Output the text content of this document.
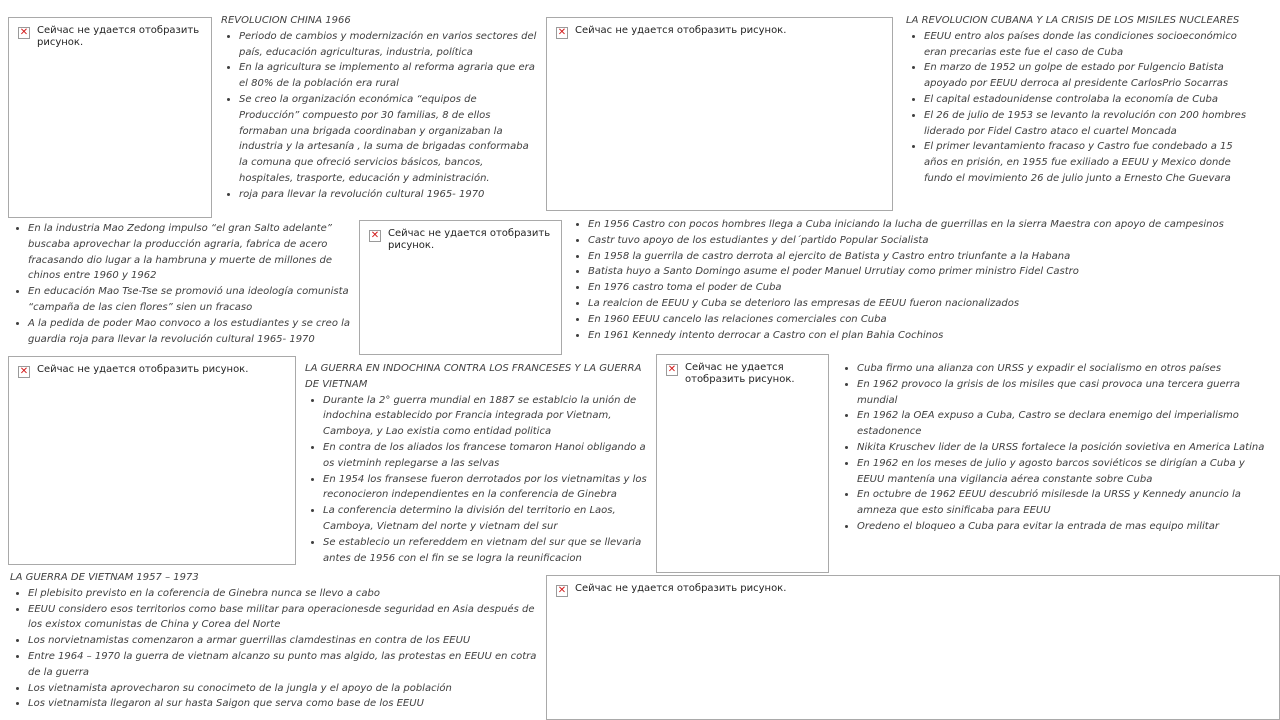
✕ Сейчас не удается отобразить рисунок.
✕ Сейчас не удается отобразить рисунок.
✕ Сейчас не удается отобразить рисунок.
✕ Сейчас не удается отобразить рисунок.	✕ Сейчас не удается отобразить рисунок.
✕ Сейчас не удается отобразить рисунок.

REVOLUCION CHINA 1966

• Periodo de cambios y modernización en varios sectores del país, educación agriculturas, industria, política
• En la agricultura se implemento al reforma agraria que era el 80% de la población era rural
• Se creo la organización económica “equipos de Producción” compuesto por 30 familias, 8 de ellos formaban una brigada coordinaban y organizaban la industria y la artesanía , la suma de brigadas conformaba la comuna que ofreció servicios básicos, bancos, hospitales, trasporte, educación y administración.
• roja para llevar la revolución cultural 1965- 1970
• En la industria Mao Zedong impulso “el gran Salto adelante” buscaba aprovechar la producción agraria, fabrica de acero fracasando dio lugar a la hambruna y muerte de millones de chinos entre 1960 y 1962
• En educación Mao Tse-Tse se promovió una ideología comunista “campaña de las cien flores” sien un fracaso
• A la pedida de poder Mao convoco a los estudiantes y se creo la guardia roja para llevar la revolución cultural 1965- 1970

LA REVOLUCION CUBANA Y LA CRISIS DE LOS MISILES NUCLEARES

• EEUU entro alos países donde las condiciones socioeconómico eran precarias este fue el caso de Cuba
• En marzo de 1952 un golpe de estado por Fulgencio Batista apoyado por EEUU derroca al presidente CarlosPrio Socarras
• El capital estadounidense controlaba la economía de Cuba
• El 26 de julio de 1953 se levanto la revolución con 200 hombres liderado por Fidel Castro ataco el cuartel Moncada
• El primer levantamiento fracaso y Castro fue condebado a 15 años en prisión, en 1955 fue exiliado a EEUU y Mexico donde fundo el movimiento 26 de julio junto a Ernesto Che Guevara
• En 1956 Castro con pocos hombres llega a Cuba iniciando la lucha de guerrillas en la sierra Maestra con apoyo de campesinos
• Castr tuvo apoyo de los estudiantes y del´partido Popular Socialista
• En 1958 la guerrila de castro derrota al ejercito de Batista y Castro entro triunfante a la Habana
• Batista huyo a Santo Domingo asume el poder Manuel Urrutiay como primer ministro Fidel Castro
• En 1976 castro toma el poder de Cuba
• La realcion de EEUU y Cuba se deterioro las empresas de EEUU fueron nacionalizados
• En 1960 EEUU cancelo las relaciones comerciales con Cuba
• En 1961 Kennedy intento derrocar a Castro con el plan Bahia Cochinos

LA GUERRA EN INDOCHINA CONTRA LOS FRANCESES Y LA GUERRA DE VIETNAM

• Durante la 2° guerra mundial en 1887 se establcio la unión de indochina establecido por Francia integrada por Vietnam, Camboya, y Lao existia como entidad politica
• En contra de los aliados los francese tomaron Hanoi obligando a os vietminh replegarse a las selvas
• En 1954 los fransese fueron derrotados por los vietnamitas y los reconocieron independientes en la conferencia de Ginebra
• La conferencia determino la división del territorio en Laos, Camboya, Vietnam del norte y vietnam del sur
• Se establecio un refereddem en vietnam del sur que se llevaria antes de 1956 con el fin se se logra la reunificacion
• Cuba firmo una alianza con URSS y expadir el socialismo en otros países
• En 1962 provoco la grisis de los misiles que casi provoca una tercera guerra mundial
• En 1962 la OEA expuso a Cuba, Castro se declara enemigo del imperialismo estadonence
• Nikita Kruschev lider de la URSS fortalece la posición sovietiva en America Latina
• En 1962 en los meses de julio y agosto barcos soviéticos se dirigían a Cuba y EEUU mantenía una vigilancia aérea constante sobre Cuba
• En octubre de 1962 EEUU descubrió misilesde la URSS y Kennedy anuncio la amneza que esto sinificaba para EEUU
• Oredeno el bloqueo a Cuba para evitar la entrada de mas equipo militar

LA GUERRA DE VIETNAM 1957 – 1973

• El plebisito previsto en la coferencia de Ginebra nunca se llevo a cabo
• EEUU considero esos territorios como base militar para operacionesde seguridad en Asia después de los existox comunistas de China y Corea del Norte
• Los norvietnamistas comenzaron a armar guerrillas clamdestinas en contra de los EEUU
• Entre 1964 – 1970 la guerra de vietnam alcanzo su punto mas algido, las protestas en EEUU en cotra de la guerra
• Los vietnamista aprovecharon su conocimeto de la jungla y el apoyo de la población
• Los vietnamista llegaron al sur hasta Saigon que serva como base de los EEUU
